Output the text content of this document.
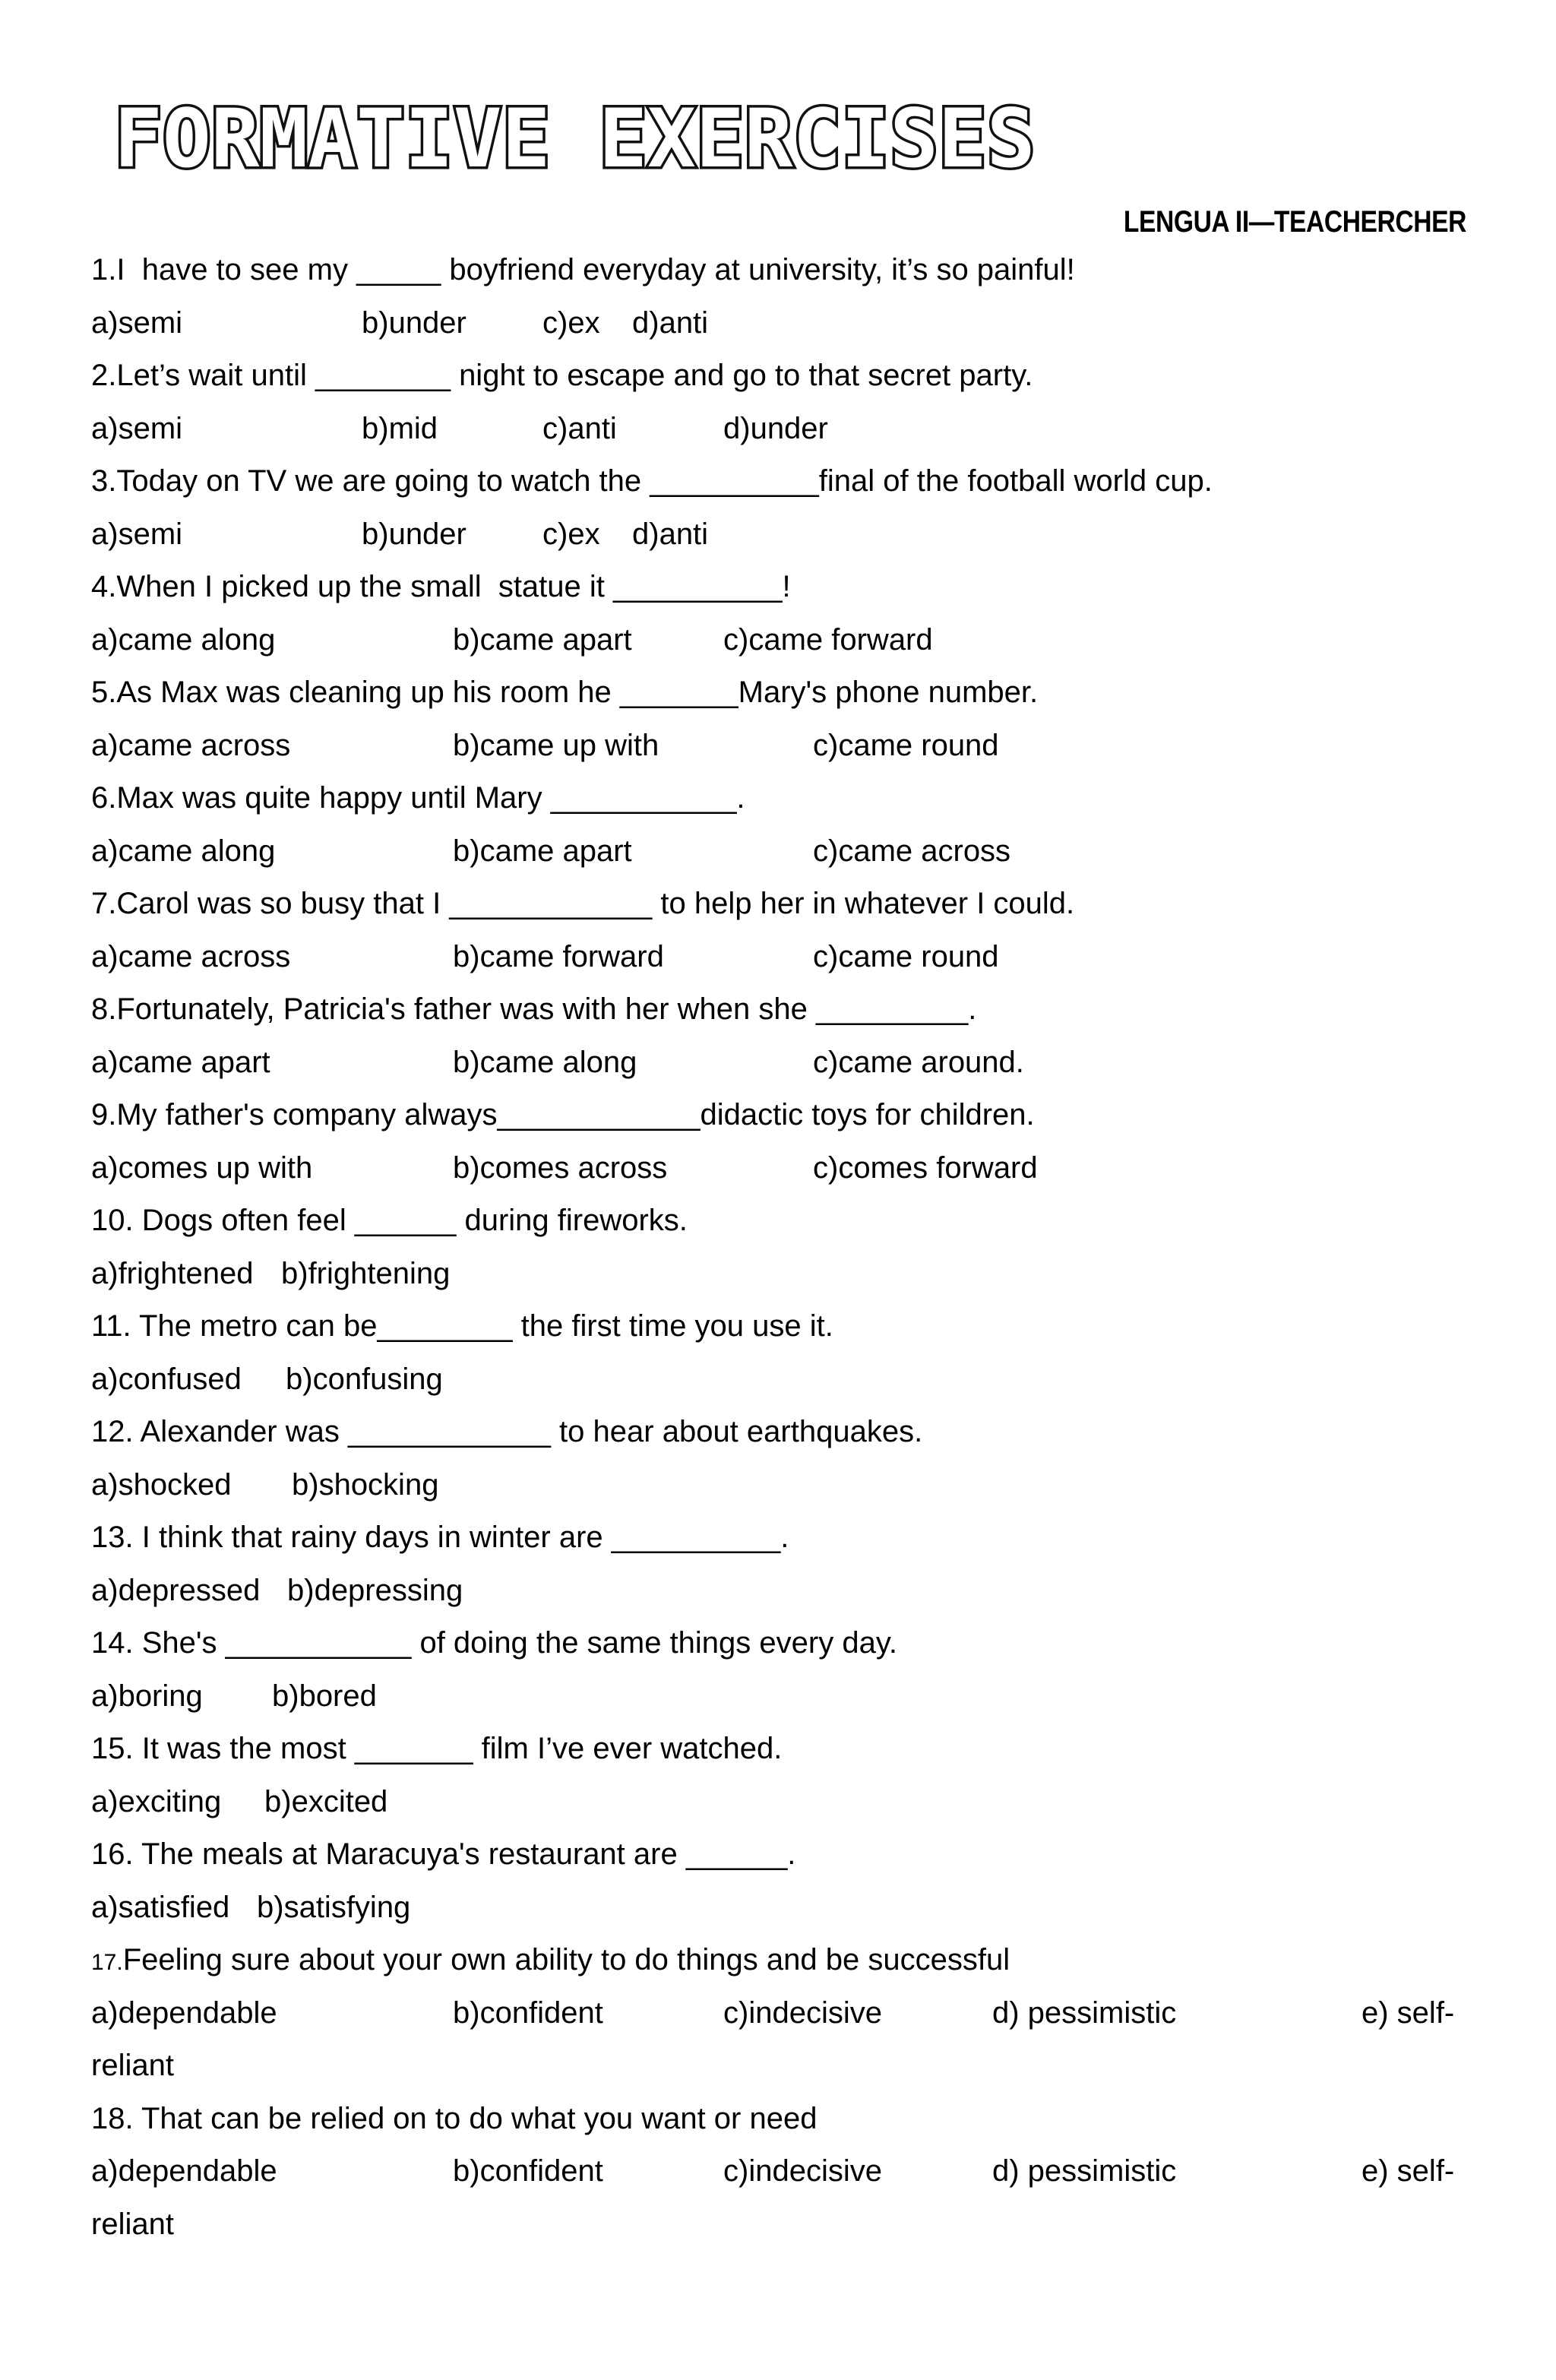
FORMATIVE EXERCISES
LENGUA II—TEACHERCHER
1.I  have to see my _____ boyfriend everyday at university, it’s so painful!

a)semi

	b)under

	c)ex

d)anti

2.Let’s wait until ________ night to escape and go to that secret party.

a)semi

	b)mid

	c)anti

	d)under

3.Today on TV we are going to watch the __________final of the football world cup.

a)semi

	b)under

	c)ex

d)anti

4.When I picked up the small  statue it __________!

a)came along

	b)came apart

	c)came forward

5.As Max was cleaning up his room he _______Mary's phone number.

a)came across

	b)came up with

	c)came round

6.Max was quite happy until Mary ___________.

a)came along

	b)came apart

	c)came across

7.Carol was so busy that I ____________ to help her in whatever I could.

a)came across

	b)came forward

	c)came round

8.Fortunately, Patricia's father was with her when she _________.

a)came apart

	b)came along

	c)came around.

9.My father's company always____________didactic toys for children.

a)comes up with

	b)comes across

	c)comes forward

10. Dogs often feel ______ during fireworks.

a)frightened

b)frightening

11. The metro can be________ the first time you use it.

a)confused

b)confusing

12. Alexander was ____________ to hear about earthquakes.

a)shocked

b)shocking

13. I think that rainy days in winter are __________.

a)depressed

b)depressing

14. She's ___________ of doing the same things every day.

a)boring

b)bored

15. It was the most _______ film I’ve ever watched.

a)exciting

b)excited

16. The meals at Maracuya's restaurant are ______.

a)satisfied

b)satisfying

17.Feeling sure about your own ability to do things and be successful
a)dependable	b)confident	c)indecisive	d) pessimistic	e) self-reliant
18. That can be relied on to do what you want or need
a)dependable	b)confident	c)indecisive	d) pessimistic	e) self-reliant
